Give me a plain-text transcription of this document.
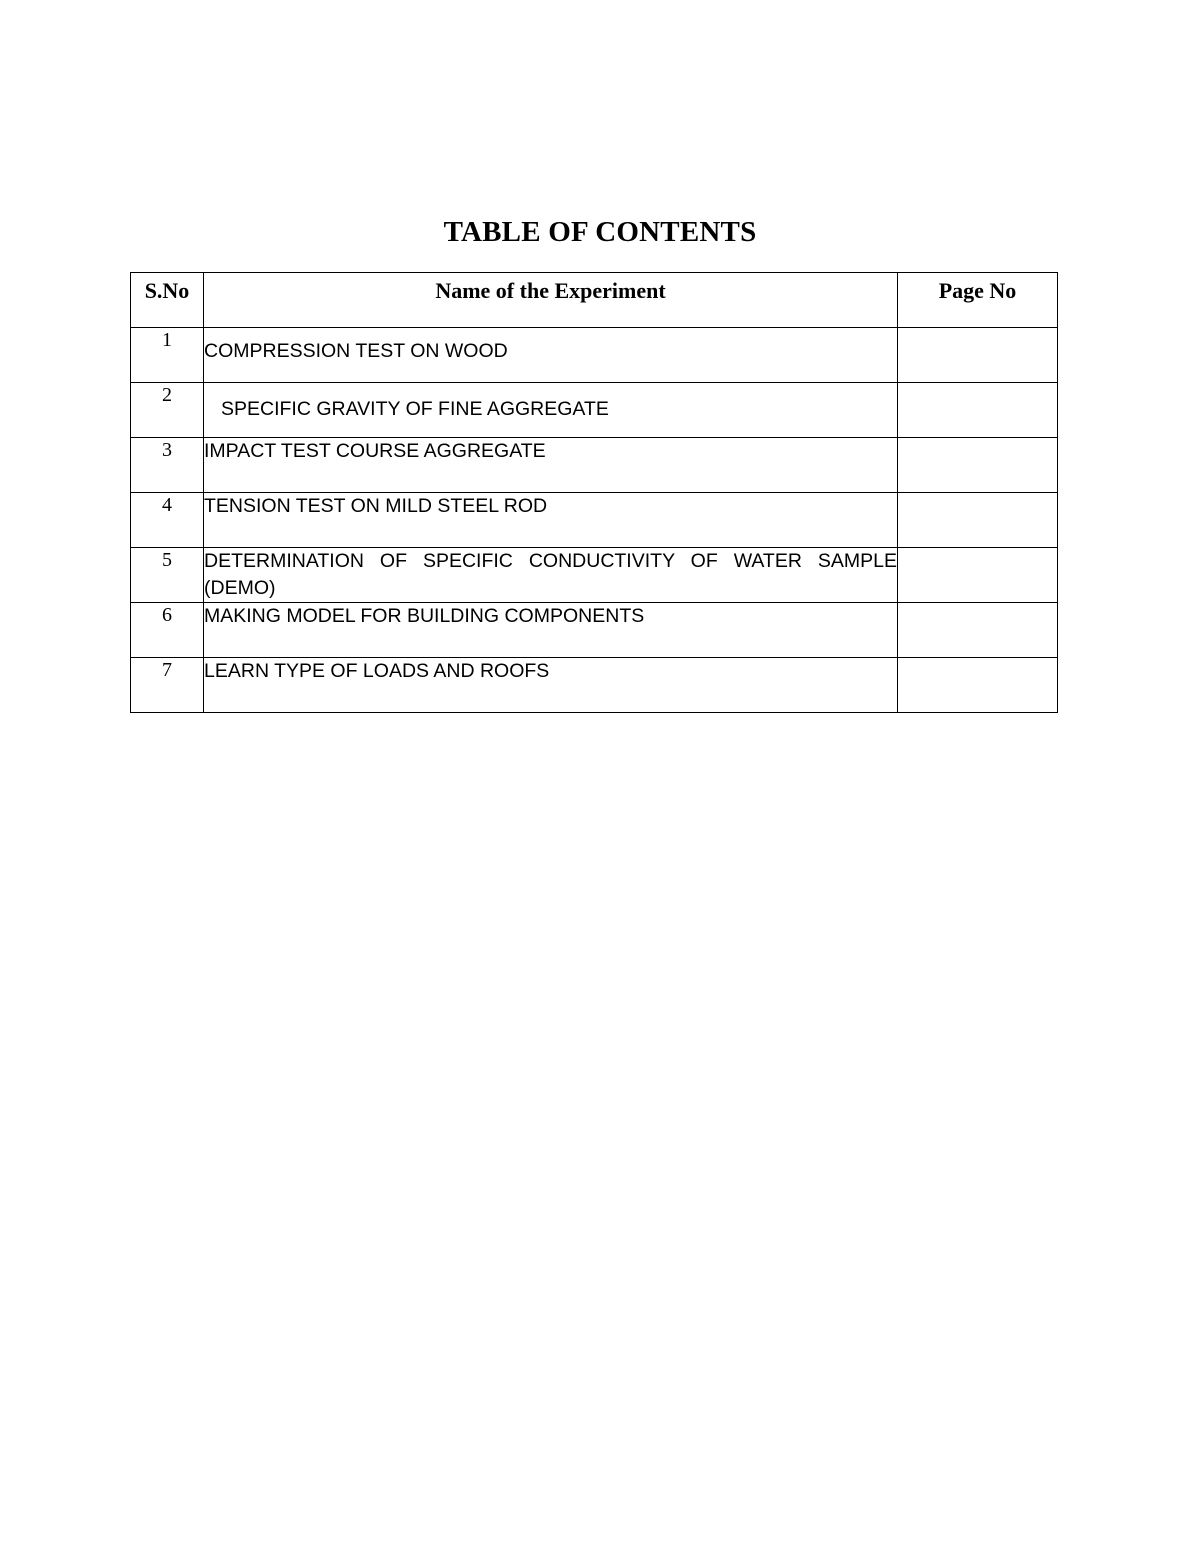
TABLE OF CONTENTS
S.No	Name of the Experiment	Page No
1	COMPRESSION TEST ON WOOD	
2	SPECIFIC GRAVITY OF FINE AGGREGATE	
3	IMPACT TEST COURSE AGGREGATE	
4	TENSION TEST ON MILD STEEL ROD	
5	DETERMINATION OF SPECIFIC CONDUCTIVITY OF WATER SAMPLE (DEMO)	
6	MAKING MODEL FOR BUILDING COMPONENTS	
7	LEARN TYPE OF LOADS AND ROOFS	
